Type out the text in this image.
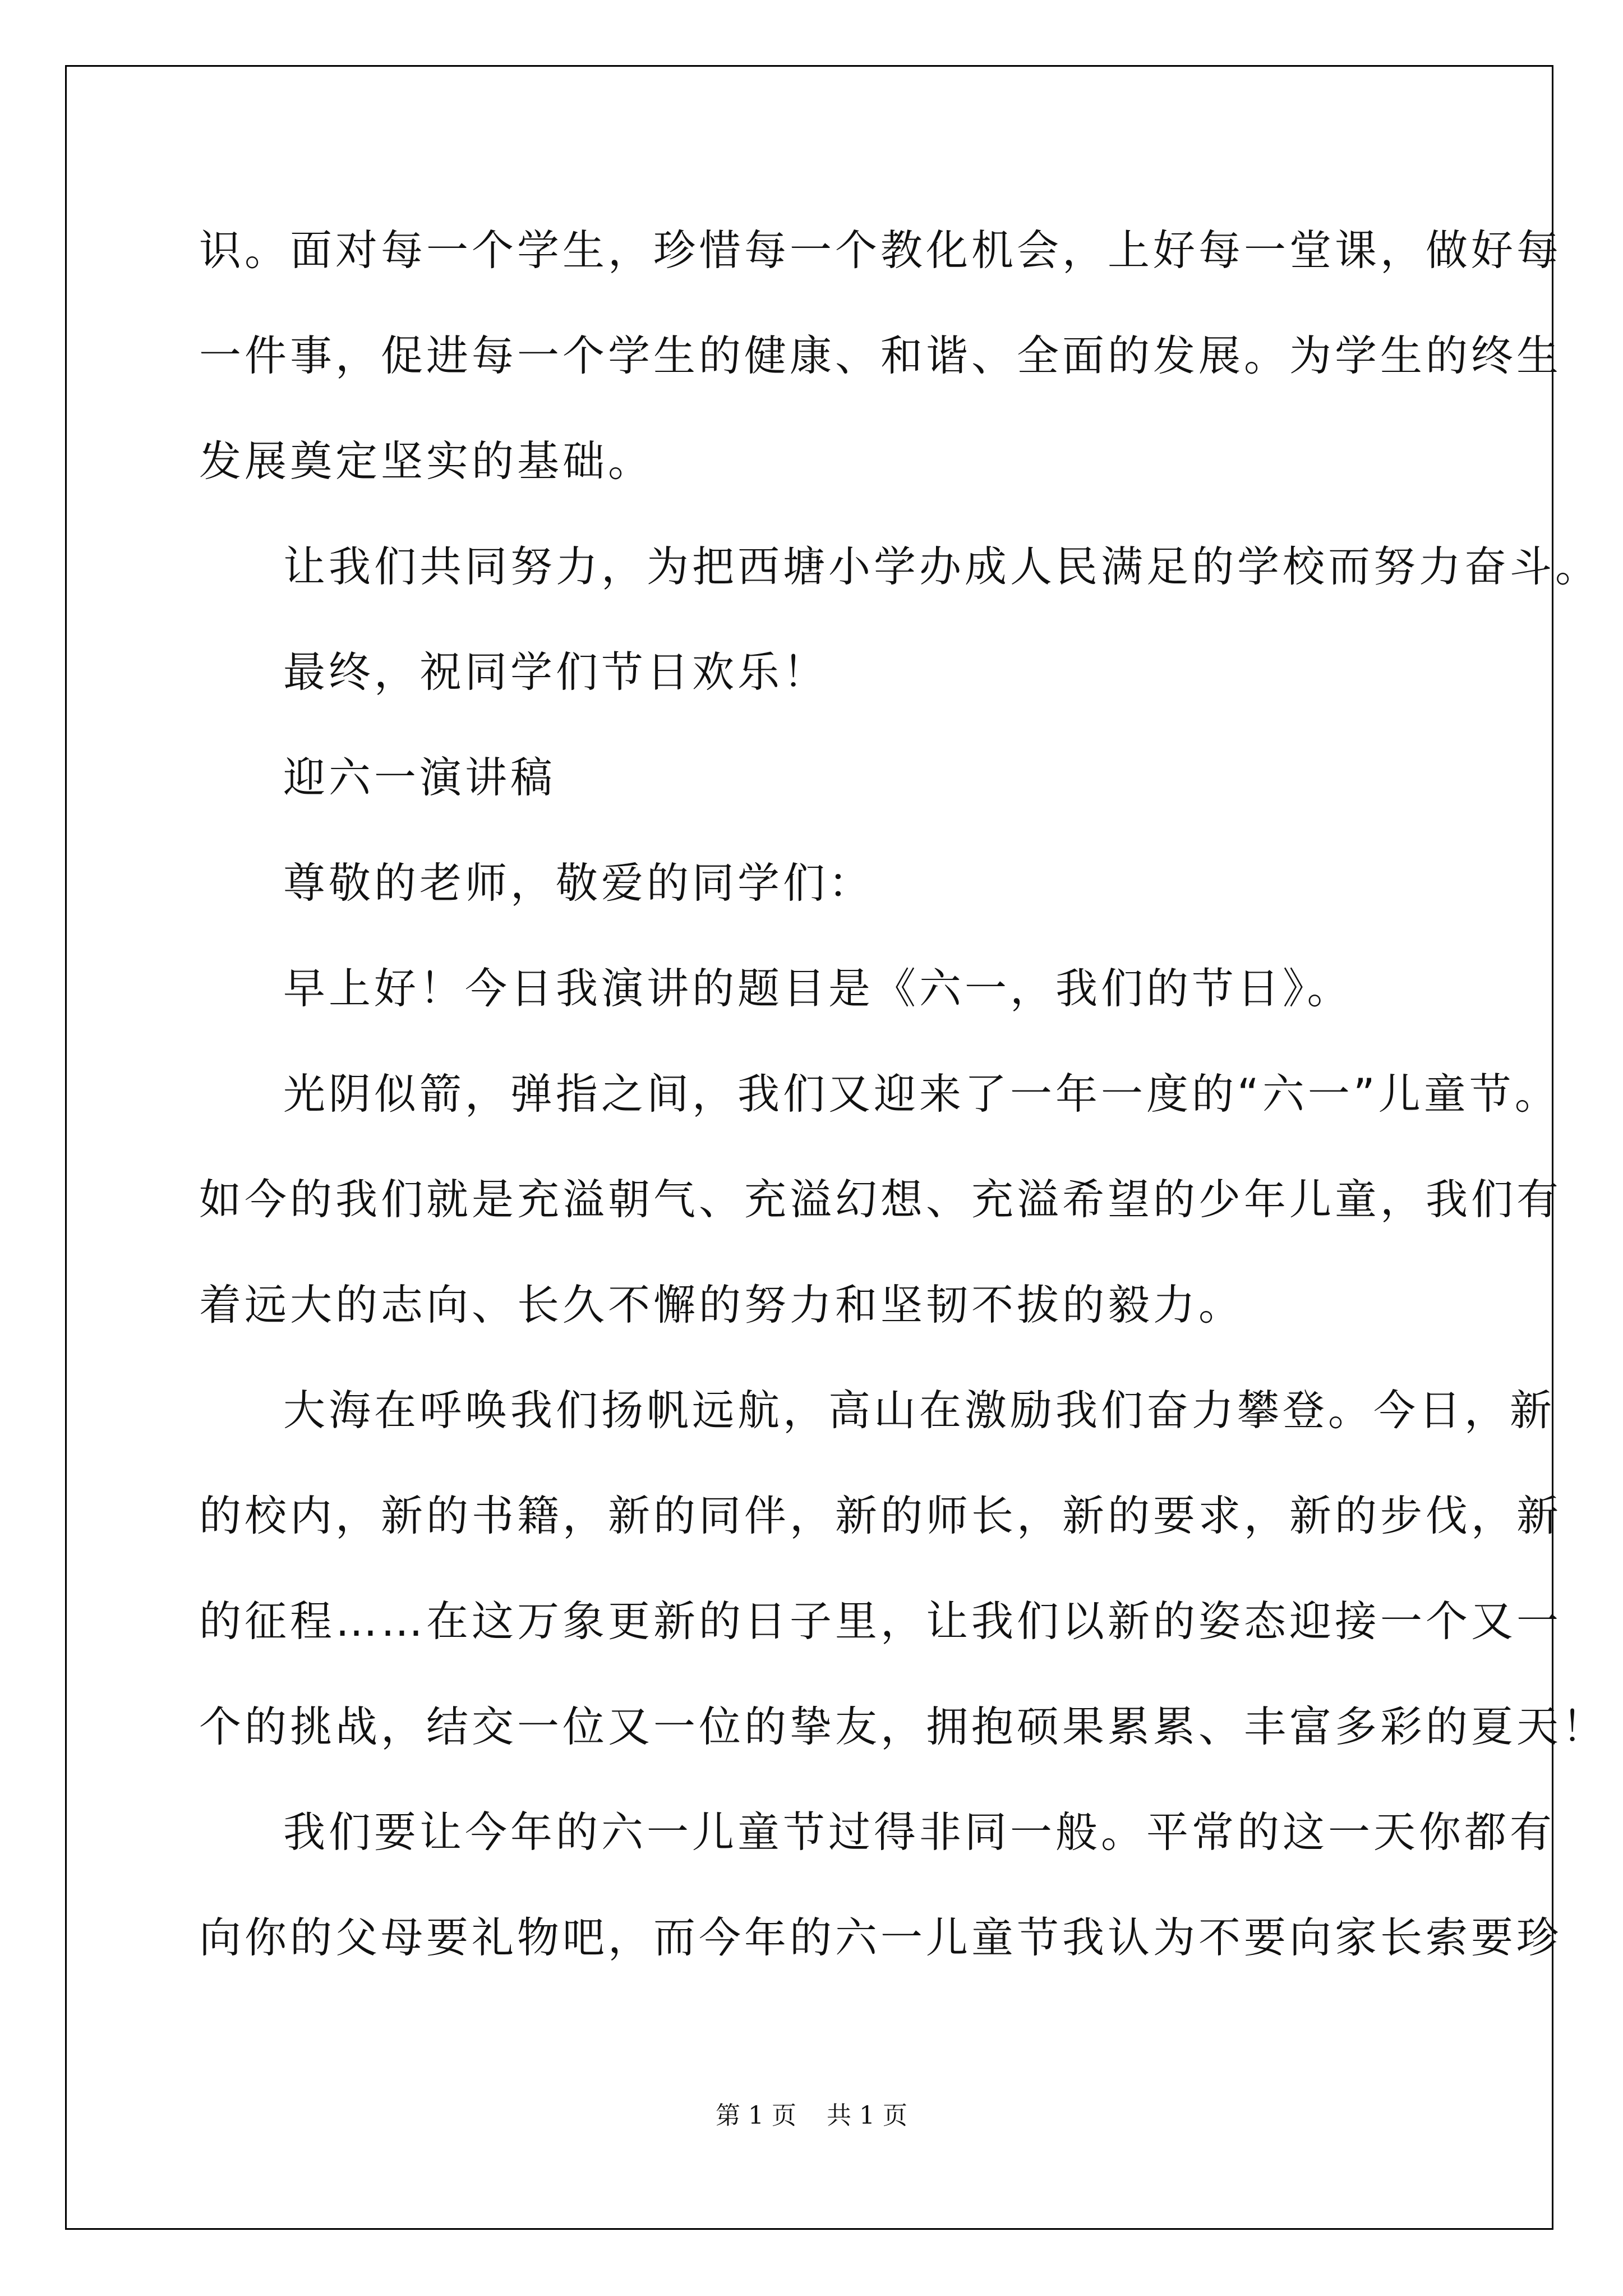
识。面对每一个学生，珍惜每一个教化机会，上好每一堂课，做好每

一件事，促进每一个学生的健康、和谐、全面的发展。为学生的终生

发展奠定坚实的基础。

让我们共同努力，为把西塘小学办成人民满足的学校而努力奋斗。

最终，祝同学们节日欢乐！

迎六一演讲稿

尊敬的老师，敬爱的同学们：

早上好！今日我演讲的题目是《六一，我们的节日》。

光阴似箭，弹指之间，我们又迎来了一年一度的“六一”儿童节。

如今的我们就是充溢朝气、充溢幻想、充溢希望的少年儿童，我们有

着远大的志向、长久不懈的努力和坚韧不拔的毅力。

大海在呼唤我们扬帆远航，高山在激励我们奋力攀登。今日，新

的校内，新的书籍，新的同伴，新的师长，新的要求，新的步伐，新

的征程……在这万象更新的日子里，让我们以新的姿态迎接一个又一

个的挑战，结交一位又一位的挚友，拥抱硕果累累、丰富多彩的夏天！

我们要让今年的六一儿童节过得非同一般。平常的这一天你都有

向你的父母要礼物吧，而今年的六一儿童节我认为不要向家长索要珍

第 1 页 共 1 页
